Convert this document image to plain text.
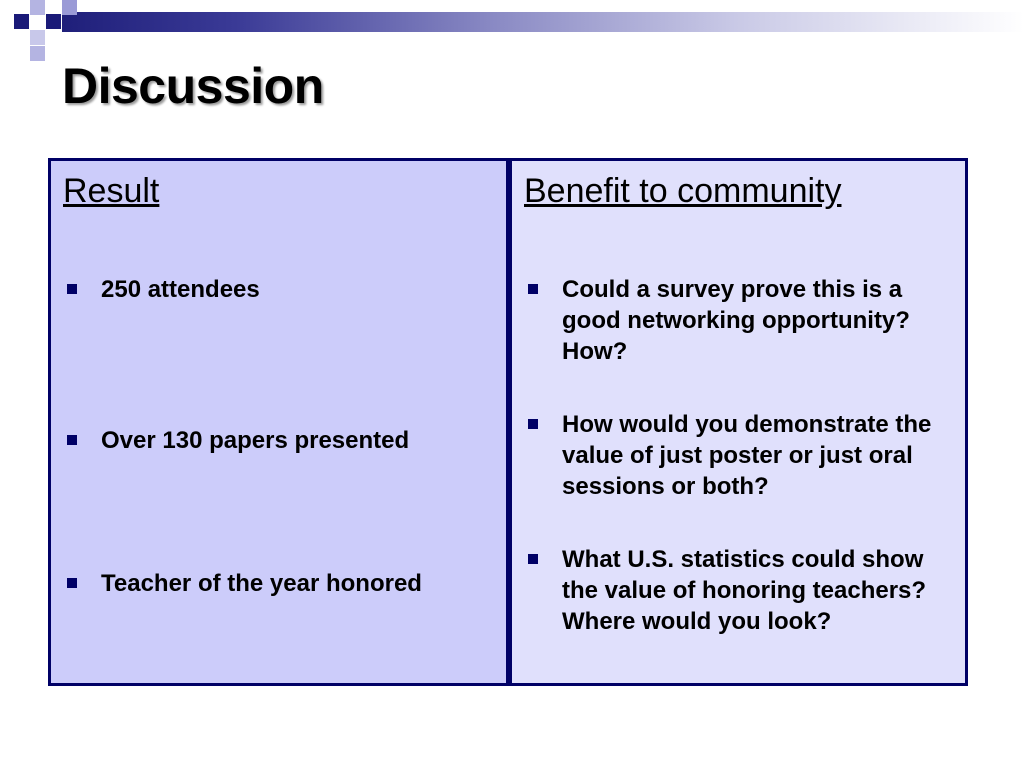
Discussion
Result
250 attendees
Over 130 papers presented
Teacher of the year honored
Benefit to community
Could a survey prove this is a good networking opportunity? How?
How would you demonstrate the value of just poster or just oral sessions or both?
What U.S. statistics could show the value of honoring teachers? Where would you look?
